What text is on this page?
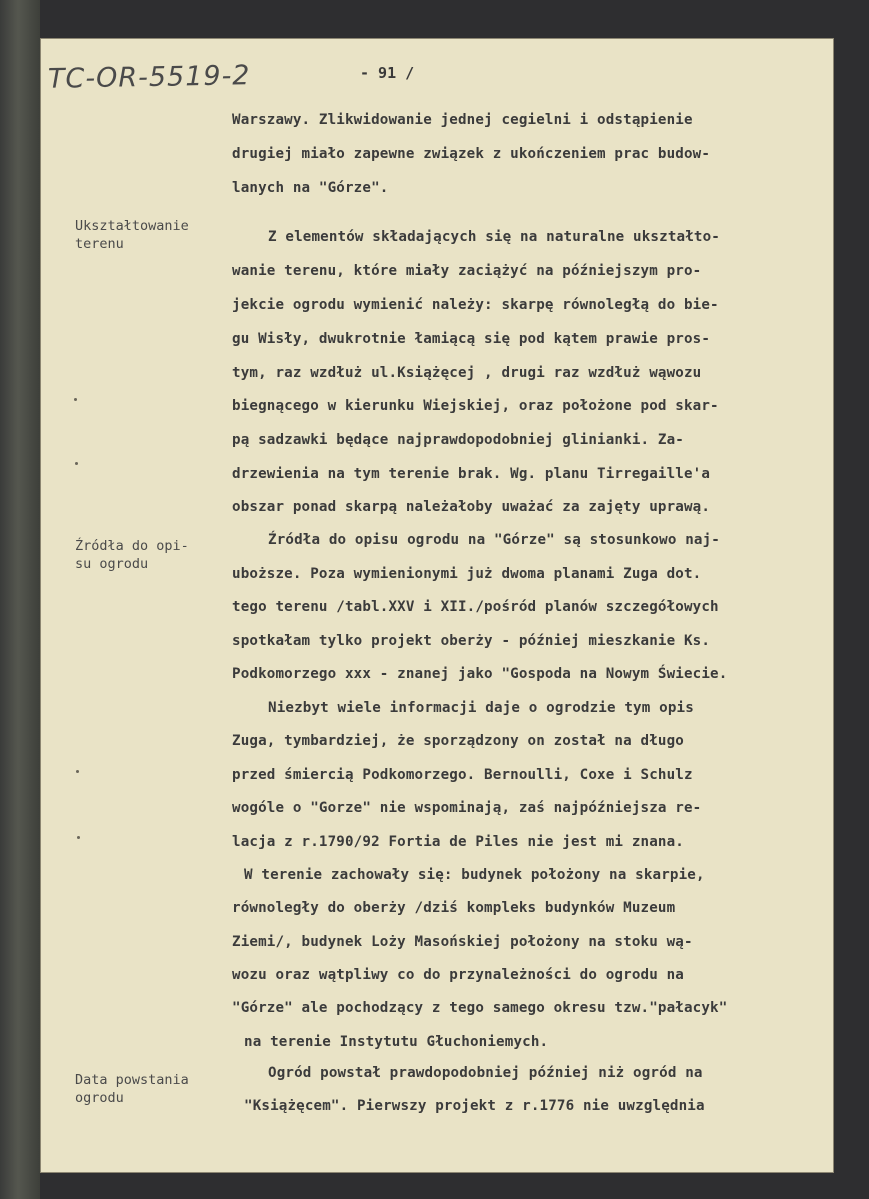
TC-OR-5519-2	- 91 /
Ukształtowanie
terenu
Źródła do opi-
su ogrodu
Data powstania
ogrodu
Warszawy. Zlikwidowanie jednej cegielni i odstąpienie
drugiej miało zapewne związek z ukończeniem prac budow-
lanych na "Górze".
Z elementów składających się na naturalne ukształto-
wanie terenu, które miały zaciążyć na późniejszym pro-
jekcie ogrodu wymienić należy: skarpę równoległą do bie-
gu Wisły, dwukrotnie łamiącą się pod kątem prawie pros-
tym, raz wzdłuż ul.Książęcej , drugi raz wzdłuż wąwozu
biegnącego w kierunku Wiejskiej, oraz położone pod skar-
pą sadzawki będące najprawdopodobniej glinianki. Za-
drzewienia na tym terenie brak. Wg. planu Tirregaille'a
obszar ponad skarpą należałoby uważać za zajęty uprawą.
Źródła do opisu ogrodu na "Górze" są stosunkowo naj-
uboższe. Poza wymienionymi już dwoma planami Zuga dot.
tego terenu /tabl.XXV i XII./pośród planów szczegółowych
spotkałam tylko projekt oberży - później mieszkanie Ks.
Podkomorzego xxx - znanej jako "Gospoda na Nowym Świecie.
Niezbyt wiele informacji daje o ogrodzie tym opis
Zuga, tymbardziej, że sporządzony on został na długo
przed śmiercią Podkomorzego. Bernoulli, Coxe i Schulz
wogóle o "Gorze" nie wspominają, zaś najpóźniejsza re-
lacja z r.1790/92 Fortia de Piles nie jest mi znana.
W terenie zachowały się: budynek położony na skarpie,
równoległy do oberży /dziś kompleks budynków Muzeum
Ziemi/, budynek Loży Masońskiej położony na stoku wą-
wozu oraz wątpliwy co do przynależności do ogrodu na
"Górze" ale pochodzący z tego samego okresu tzw."pałacyk"
na terenie Instytutu Głuchoniemych.
Ogród powstał prawdopodobniej później niż ogród na
"Książęcem". Pierwszy projekt z r.1776 nie uwzględnia
